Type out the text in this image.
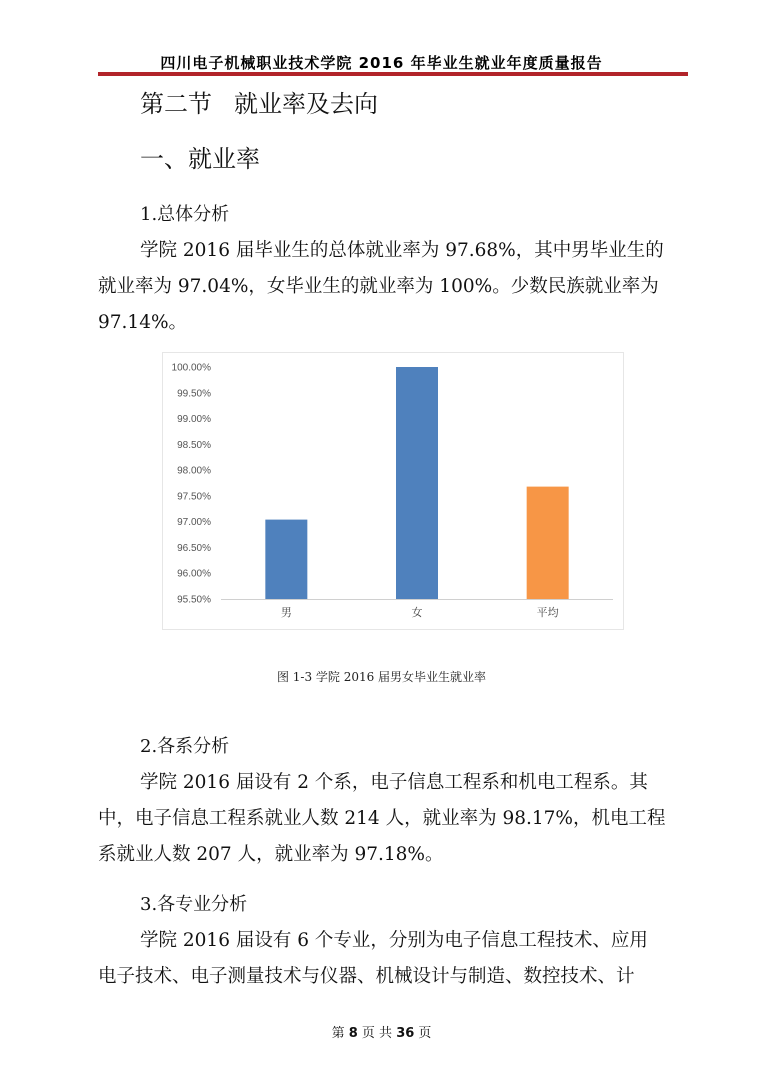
四川电子机械职业技术学院 2016 年毕业生就业年度质量报告
第二节 就业率及去向
一、就业率
1.总体分析
学院 2016 届毕业生的总体就业率为 97.68%，其中男毕业生的
就业率为 97.04%，女毕业生的就业率为 100%。少数民族就业率为
97.14%。
95.50%
96.00%
96.50%
97.00%
97.50%
98.00%
98.50%
99.00%
99.50%
100.00%
男	女	平均
图 1-3 学院 2016 届男女毕业生就业率
2.各系分析
学院 2016 届设有 2 个系，电子信息工程系和机电工程系。其
中，电子信息工程系就业人数 214 人，就业率为 98.17%，机电工程
系就业人数 207 人，就业率为 97.18%。
3.各专业分析
学院 2016 届设有 6 个专业，分别为电子信息工程技术、应用
电子技术、电子测量技术与仪器、机械设计与制造、数控技术、计
第 8 页 共 36 页
